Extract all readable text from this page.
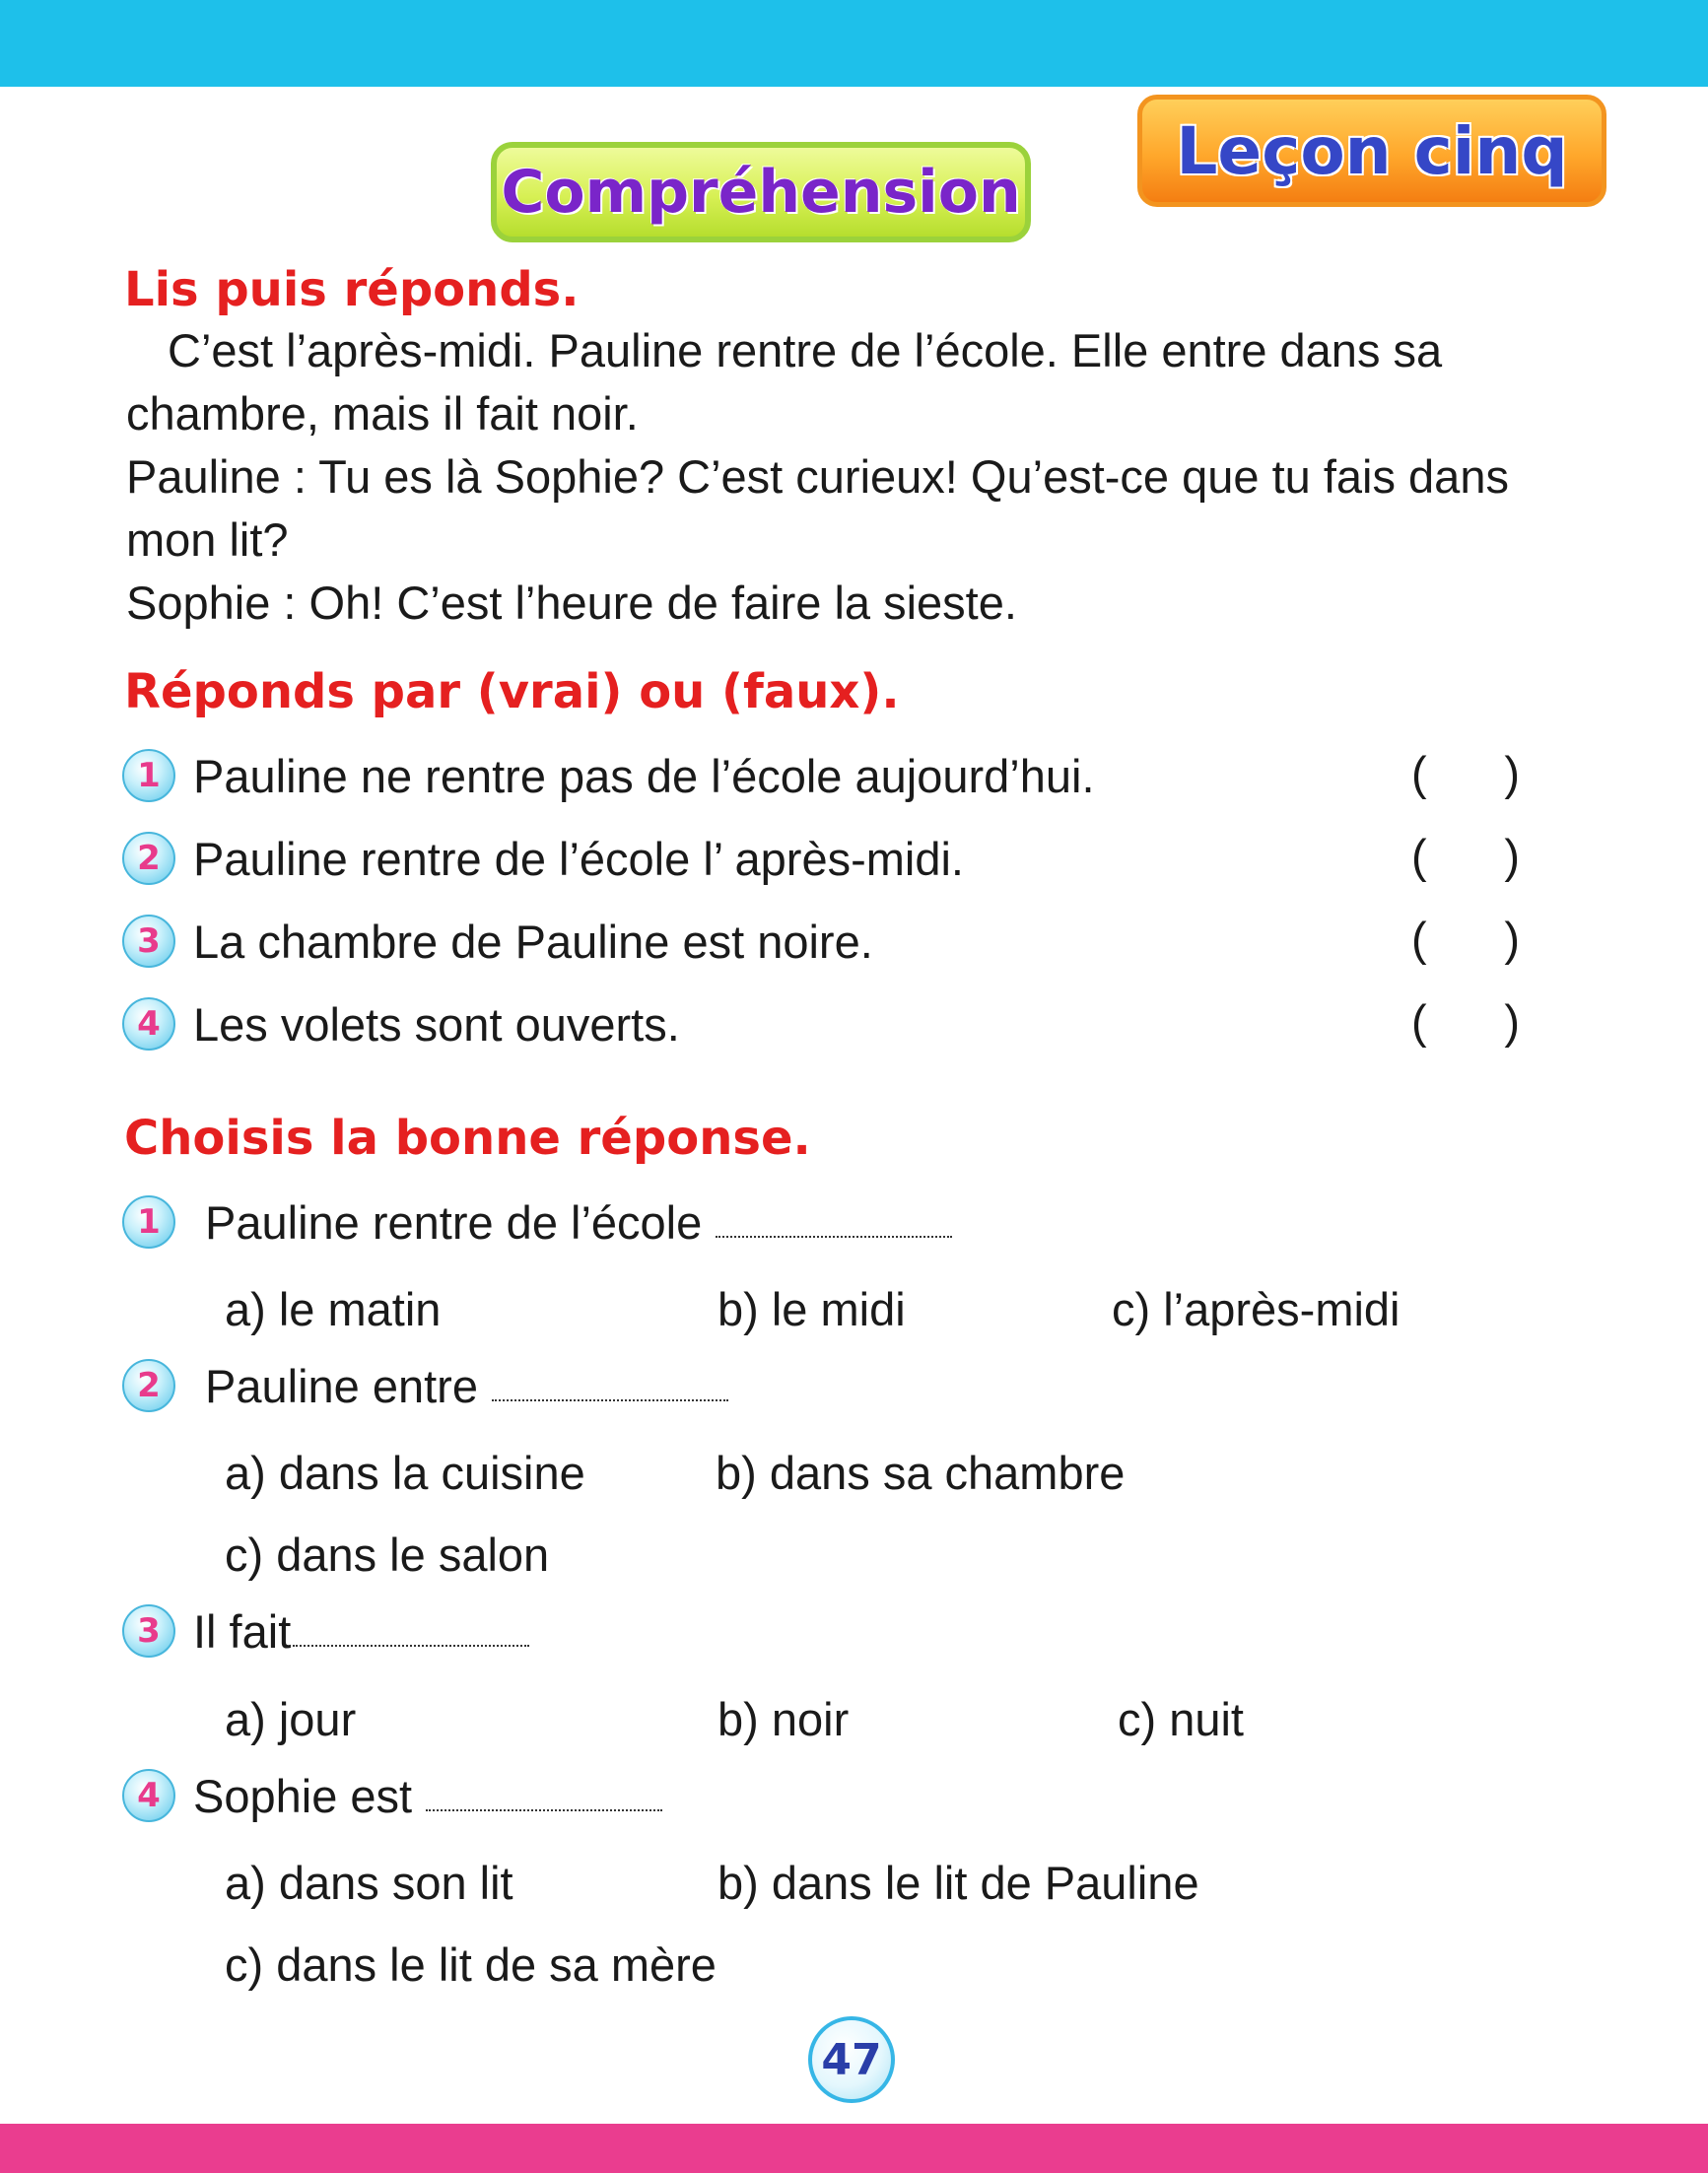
Leçon cinq
Compréhension
Lis puis réponds.

C’est l’après-midi. Pauline rentre de l’école. Elle entre dans sa chambre, mais il fait noir.

Pauline : Tu es là Sophie? C’est curieux! Qu’est-ce que tu fais dans mon lit?

Sophie : Oh! C’est l’heure de faire la sieste.

Réponds par (vrai) ou (faux).
1 Pauline ne rentre pas de l’école aujourd’hui.	( )
2 Pauline rentre de l’école l’ après-midi.	( )
3 La chambre de Pauline est noire.	( )
4 Les volets sont ouverts.	( )
Choisis la bonne réponse.
1 Pauline rentre de l’école
a) le matin	b) le midi	c) l’après-midi
2 Pauline entre
a) dans la cuisine	b) dans sa chambre
c) dans le salon
3 Il fait
a) jour	b) noir	c) nuit
4 Sophie est
a) dans son lit	b) dans le lit de Pauline
c) dans le lit de sa mère
47
